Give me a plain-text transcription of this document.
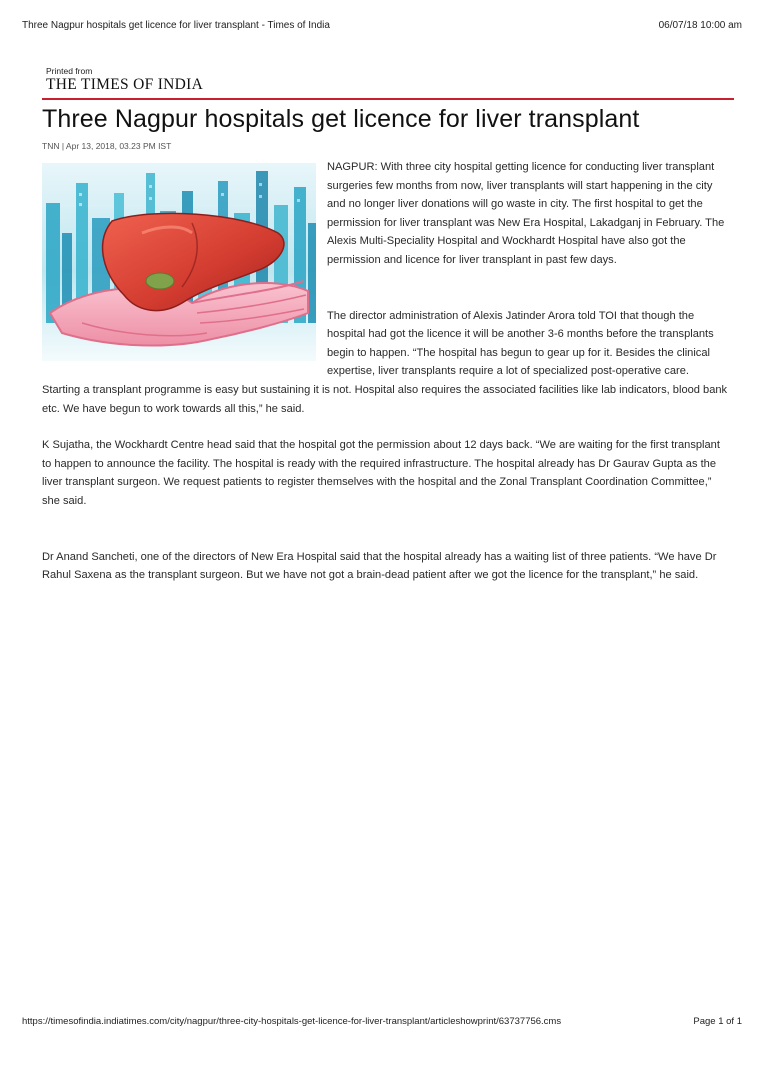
Three Nagpur hospitals get licence for liver transplant - Times of India	06/07/18 10:00 am
Printed from
THE TIMES OF INDIA
Three Nagpur hospitals get licence for liver transplant
TNN | Apr 13, 2018, 03.23 PM IST

NAGPUR: With three city hospital getting licence for conducting liver transplant surgeries few months from now, liver transplants will start happening in the city and no longer liver donations will go waste in city. The first hospital to get the permission for liver transplant was New Era Hospital, Lakadganj in February. The Alexis Multi-Speciality Hospital and Wockhardt Hospital have also got the permission and licence for liver transplant in past few days.

The director administration of Alexis Jatinder Arora told TOI that though the hospital had got the licence it will be another 3-6 months before the transplants begin to happen. “The hospital has begun to gear up for it. Besides the clinical expertise, liver transplants require a lot of specialized post-operative care. Starting a transplant programme is easy but sustaining it is not. Hospital also requires the associated facilities like lab indicators, blood bank etc. We have begun to work towards all this,” he said.

K Sujatha, the Wockhardt Centre head said that the hospital got the permission about 12 days back. “We are waiting for the first transplant to happen to announce the facility. The hospital is ready with the required infrastructure. The hospital already has Dr Gaurav Gupta as the liver transplant surgeon. We request patients to register themselves with the hospital and the Zonal Transplant Coordination Committee,” she said.

Dr Anand Sancheti, one of the directors of New Era Hospital said that the hospital already has a waiting list of three patients. “We have Dr Rahul Saxena as the transplant surgeon. But we have not got a brain-dead patient after we got the licence for the transplant,” he said.

https://timesofindia.indiatimes.com/city/nagpur/three-city-hospitals-get-licence-for-liver-transplant/articleshowprint/63737756.cms	Page 1 of 1
